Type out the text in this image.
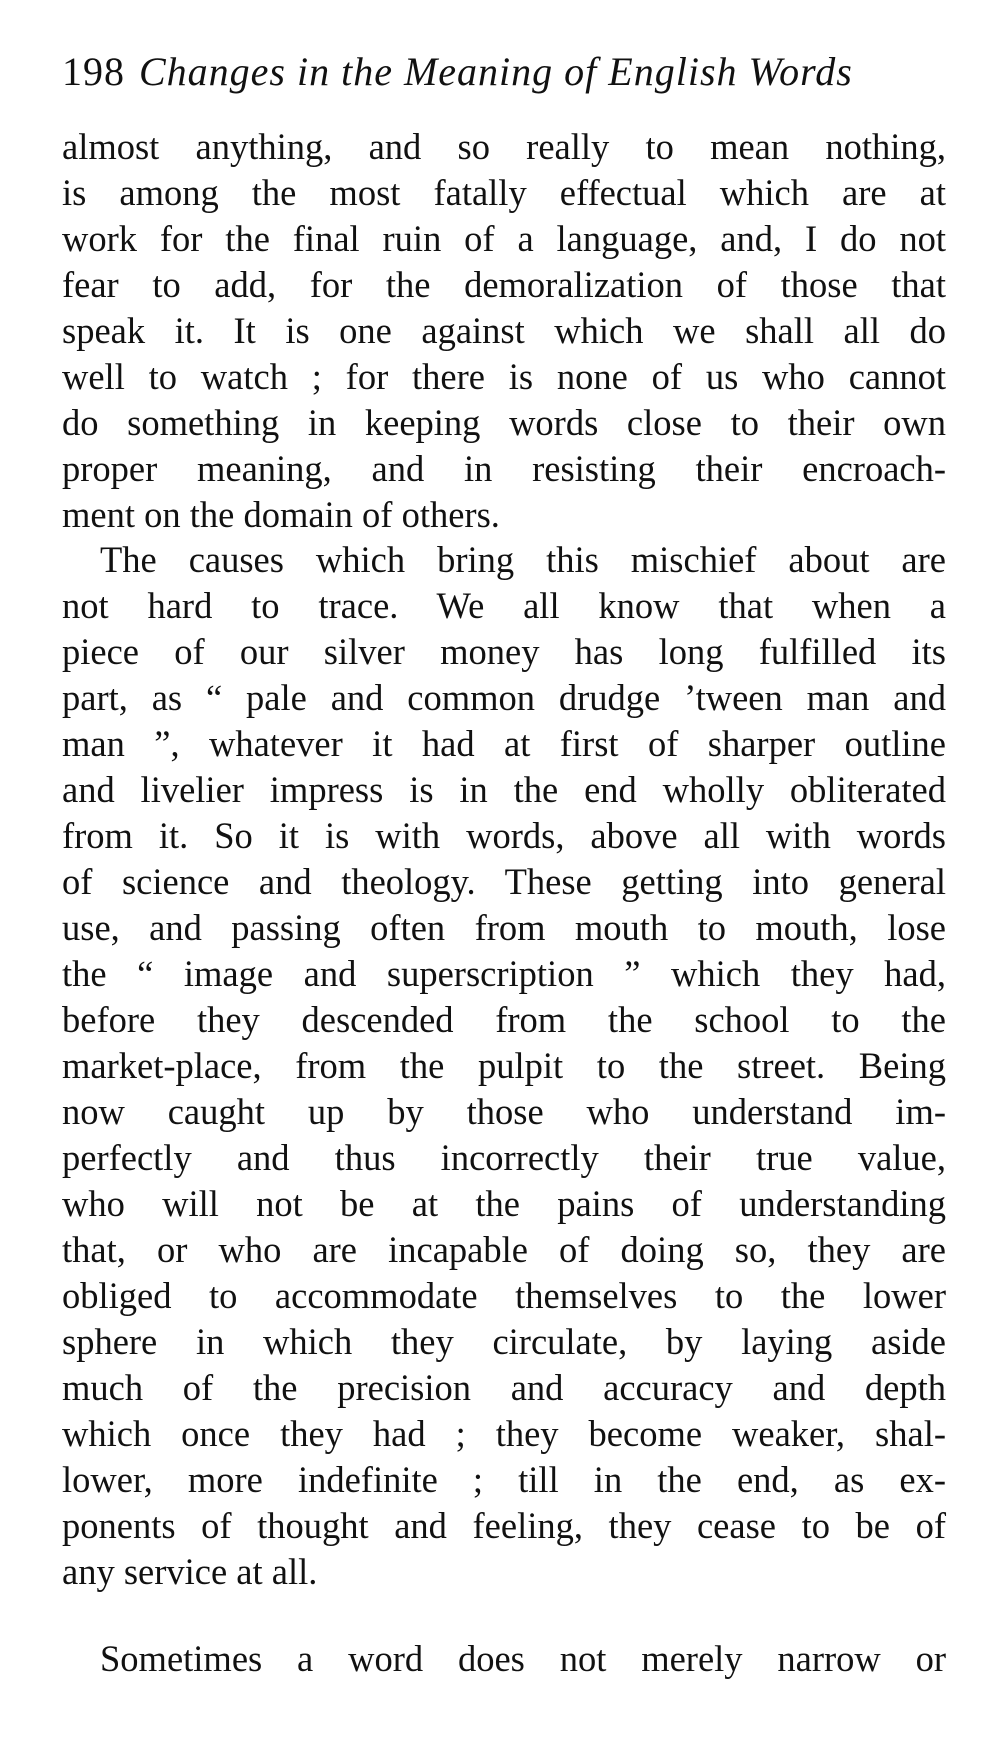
198 Changes in the Meaning of English Words
almost anything, and so really to mean nothing,
is among the most fatally effectual which are at
work for the final ruin of a language, and, I do not
fear to add, for the demoralization of those that
speak it. It is one against which we shall all do
well to watch ; for there is none of us who cannot
do something in keeping words close to their own
proper meaning, and in resisting their encroach-
ment on the domain of others.
The causes which bring this mischief about are
not hard to trace. We all know that when a
piece of our silver money has long fulfilled its
part, as “ pale and common drudge ’tween man and
man ”, whatever it had at first of sharper outline
and livelier impress is in the end wholly obliterated
from it. So it is with words, above all with words
of science and theology. These getting into general
use, and passing often from mouth to mouth, lose
the “ image and superscription ” which they had,
before they descended from the school to the
market-place, from the pulpit to the street. Being
now caught up by those who understand im-
perfectly and thus incorrectly their true value,
who will not be at the pains of understanding
that, or who are incapable of doing so, they are
obliged to accommodate themselves to the lower
sphere in which they circulate, by laying aside
much of the precision and accuracy and depth
which once they had ; they become weaker, shal-
lower, more indefinite ; till in the end, as ex-
ponents of thought and feeling, they cease to be of
any service at all.
Sometimes a word does not merely narrow or
